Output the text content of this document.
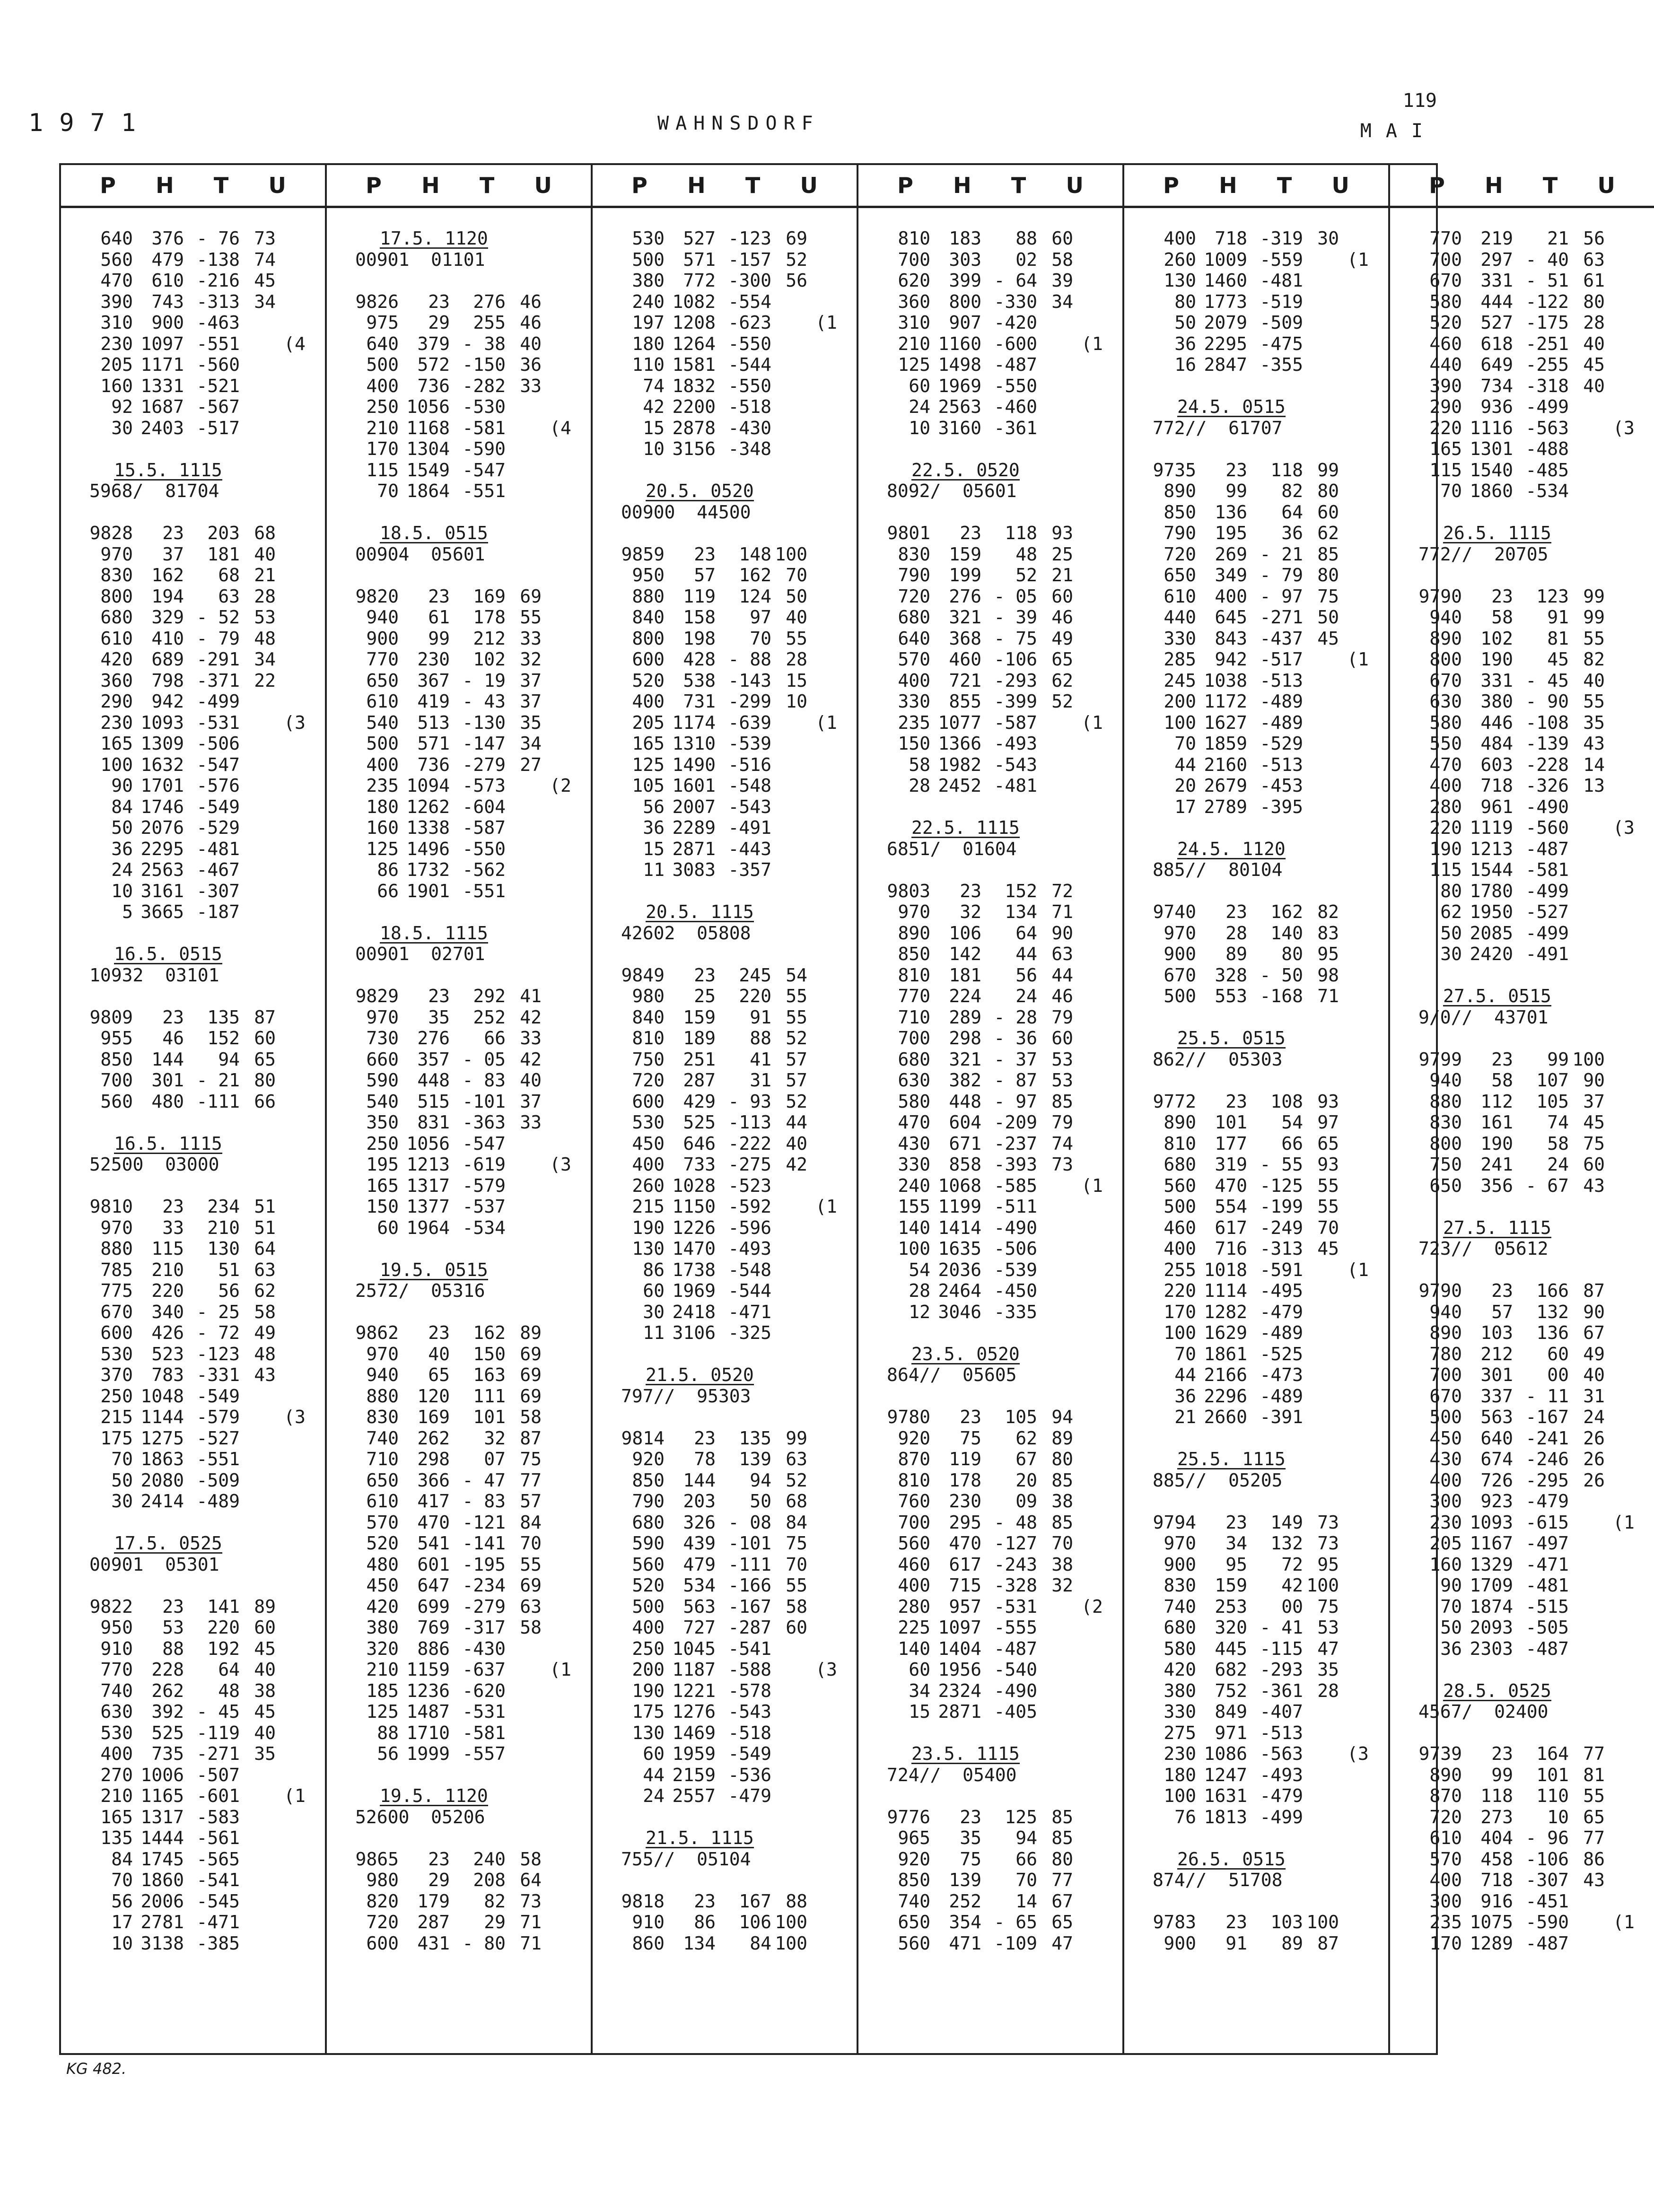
1971	WAHNSDORF
119
MAI
P H T U
640	376 - 76 73
560	479 -138 74
470	610 -216 45
390	743 -313 34
310	900 -463
230 1097 -551	(4
205 1171 -560
160 1331 -521
92 1687 -567
30 2403 -517
15.5. 1115
5968/  81704
9828	23	203 68
970	37	181 40
830	162	68 21
800	194	63 28
680	329 - 52 53
610	410 - 79 48
420	689 -291 34
360	798 -371 22
290	942 -499
230 1093 -531	(3
165 1309 -506
100 1632 -547
90 1701 -576
84 1746 -549
50 2076 -529
36 2295 -481
24 2563 -467
10 3161 -307
5 3665 -187
16.5. 0515
10932  03101
9809	23	135 87
955	46	152 60
850	144	94 65
700	301 - 21 80
560	480 -111 66
16.5. 1115
52500  03000
9810	23	234 51
970	33	210 51
880	115	130 64
785	210	51 63
775	220	56 62
670	340 - 25 58
600	426 - 72 49
530	523 -123 48
370	783 -331 43
250 1048 -549
215 1144 -579	(3
175 1275 -527
70 1863 -551
50 2080 -509
30 2414 -489
17.5. 0525
00901  05301
9822	23	141 89
950	53	220 60
910	88	192 45
770	228	64 40
740	262	48 38
630	392 - 45 45
530	525 -119 40
400	735 -271 35
270 1006 -507
210 1165 -601	(1
165 1317 -583
135 1444 -561
84 1745 -565
70 1860 -541
56 2006 -545
17 2781 -471
10 3138 -385
P H T U
17.5. 1120
00901  01101
9826	23	276 46
975	29	255 46
640	379 - 38 40
500	572 -150 36
400	736 -282 33
250 1056 -530
210 1168 -581	(4
170 1304 -590
115 1549 -547
70 1864 -551
18.5. 0515
00904  05601
9820	23	169 69
940	61	178 55
900	99	212 33
770	230	102 32
650	367 - 19 37
610	419 - 43 37
540	513 -130 35
500	571 -147 34
400	736 -279 27
235 1094 -573	(2
180 1262 -604
160 1338 -587
125 1496 -550
86 1732 -562
66 1901 -551
18.5. 1115
00901  02701
9829	23	292 41
970	35	252 42
730	276	66 33
660	357 - 05 42
590	448 - 83 40
540	515 -101 37
350	831 -363 33
250 1056 -547
195 1213 -619	(3
165 1317 -579
150 1377 -537
60 1964 -534
19.5. 0515
2572/  05316
9862	23	162 89
970	40	150 69
940	65	163 69
880	120	111 69
830	169	101 58
740	262	32 87
710	298	07 75
650	366 - 47 77
610	417 - 83 57
570	470 -121 84
520	541 -141 70
480	601 -195 55
450	647 -234 69
420	699 -279 63
380	769 -317 58
320	886 -430
210 1159 -637	(1
185 1236 -620
125 1487 -531
88 1710 -581
56 1999 -557
19.5. 1120
52600  05206
9865	23	240 58
980	29	208 64
820	179	82 73
720	287	29 71
600	431 - 80 71
P H T U
530	527 -123 69
500	571 -157 52
380	772 -300 56
240 1082 -554
197 1208 -623	(1
180 1264 -550
110 1581 -544
74 1832 -550
42 2200 -518
15 2878 -430
10 3156 -348
20.5. 0520
00900  44500
9859	23	148 100
950	57	162 70
880	119	124 50
840	158	97 40
800	198	70 55
600	428 - 88 28
520	538 -143 15
400	731 -299 10
205 1174 -639	(1
165 1310 -539
125 1490 -516
105 1601 -548
56 2007 -543
36 2289 -491
15 2871 -443
11 3083 -357
20.5. 1115
42602  05808
9849	23	245 54
980	25	220 55
840	159	91 55
810	189	88 52
750	251	41 57
720	287	31 57
600	429 - 93 52
530	525 -113 44
450	646 -222 40
400	733 -275 42
260 1028 -523
215 1150 -592	(1
190 1226 -596
130 1470 -493
86 1738 -548
60 1969 -544
30 2418 -471
11 3106 -325
21.5. 0520
797//  95303
9814	23	135 99
920	78	139 63
850	144	94 52
790	203	50 68
680	326 - 08 84
590	439 -101 75
560	479 -111 70
520	534 -166 55
500	563 -167 58
400	727 -287 60
250 1045 -541
200 1187 -588	(3
190 1221 -578
175 1276 -543
130 1469 -518
60 1959 -549
44 2159 -536
24 2557 -479
21.5. 1115
755//  05104
9818	23	167 88
910	86	106 100
860	134	84 100
P H T U
810	183	88 60
700	303	02 58
620	399 - 64 39
360	800 -330 34
310	907 -420
210 1160 -600	(1
125 1498 -487
60 1969 -550
24 2563 -460
10 3160 -361
22.5. 0520
8092/  05601
9801	23	118 93
830	159	48 25
790	199	52 21
720	276 - 05 60
680	321 - 39 46
640	368 - 75 49
570	460 -106 65
400	721 -293 62
330	855 -399 52
235 1077 -587	(1
150 1366 -493
58 1982 -543
28 2452 -481
22.5. 1115
6851/  01604
9803	23	152 72
970	32	134 71
890	106	64 90
850	142	44 63
810	181	56 44
770	224	24 46
710	289 - 28 79
700	298 - 36 60
680	321 - 37 53
630	382 - 87 53
580	448 - 97 85
470	604 -209 79
430	671 -237 74
330	858 -393 73
240 1068 -585	(1
155 1199 -511
140 1414 -490
100 1635 -506
54 2036 -539
28 2464 -450
12 3046 -335
23.5. 0520
864//  05605
9780	23	105 94
920	75	62 89
870	119	67 80
810	178	20 85
760	230	09 38
700	295 - 48 85
560	470 -127 70
460	617 -243 38
400	715 -328 32
280	957 -531	(2
225 1097 -555
140 1404 -487
60 1956 -540
34 2324 -490
15 2871 -405
23.5. 1115
724//  05400
9776	23	125 85
965	35	94 85
920	75	66 80
850	139	70 77
740	252	14 67
650	354 - 65 65
560	471 -109 47
P H T U
400	718 -319 30
260 1009 -559	(1
130 1460 -481
80 1773 -519
50 2079 -509
36 2295 -475
16 2847 -355
24.5. 0515
772//  61707
9735	23	118 99
890	99	82 80
850	136	64 60
790	195	36 62
720	269 - 21 85
650	349 - 79 80
610	400 - 97 75
440	645 -271 50
330	843 -437 45
285	942 -517	(1
245 1038 -513
200 1172 -489
100 1627 -489
70 1859 -529
44 2160 -513
20 2679 -453
17 2789 -395
24.5. 1120
885//  80104
9740	23	162 82
970	28	140 83
900	89	80 95
670	328 - 50 98
500	553 -168 71
25.5. 0515
862//  05303
9772	23	108 93
890	101	54 97
810	177	66 65
680	319 - 55 93
560	470 -125 55
500	554 -199 55
460	617 -249 70
400	716 -313 45
255 1018 -591	(1
220 1114 -495
170 1282 -479
100 1629 -489
70 1861 -525
44 2166 -473
36 2296 -489
21 2660 -391
25.5. 1115
885//  05205
9794	23	149 73
970	34	132 73
900	95	72 95
830	159	42 100
740	253	00 75
680	320 - 41 53
580	445 -115 47
420	682 -293 35
380	752 -361 28
330	849 -407
275	971 -513
230 1086 -563	(3
180 1247 -493
100 1631 -479
76 1813 -499
26.5. 0515
874//  51708
9783	23	103 100
900	91	89 87
P H T U
770	219	21 56
700	297 - 40 63
670	331 - 51 61
580	444 -122 80
520	527 -175 28
460	618 -251 40
440	649 -255 45
390	734 -318 40
290	936 -499
220 1116 -563	(3
165 1301 -488
115 1540 -485
70 1860 -534
26.5. 1115
772//  20705
9790	23	123 99
940	58	91 99
890	102	81 55
800	190	45 82
670	331 - 45 40
630	380 - 90 55
580	446 -108 35
550	484 -139 43
470	603 -228 14
400	718 -326 13
280	961 -490
220 1119 -560	(3
190 1213 -487
115 1544 -581
80 1780 -499
62 1950 -527
50 2085 -499
30 2420 -491
27.5. 0515
9/0//  43701
9799	23	99 100
940	58	107 90
880	112	105 37
830	161	74 45
800	190	58 75
750	241	24 60
650	356 - 67 43
27.5. 1115
723//  05612
9790	23	166 87
940	57	132 90
890	103	136 67
780	212	60 49
700	301	00 40
670	337 - 11 31
500	563 -167 24
450	640 -241 26
430	674 -246 26
400	726 -295 26
300	923 -479
230 1093 -615	(1
205 1167 -497
160 1329 -471
90 1709 -481
70 1874 -515
50 2093 -505
36 2303 -487
28.5. 0525
4567/  02400
9739	23	164 77
890	99	101 81
870	118	110 55
720	273	10 65
610	404 - 96 77
570	458 -106 86
400	718 -307 43
300	916 -451
235 1075 -590	(1
170 1289 -487
KG 482.
